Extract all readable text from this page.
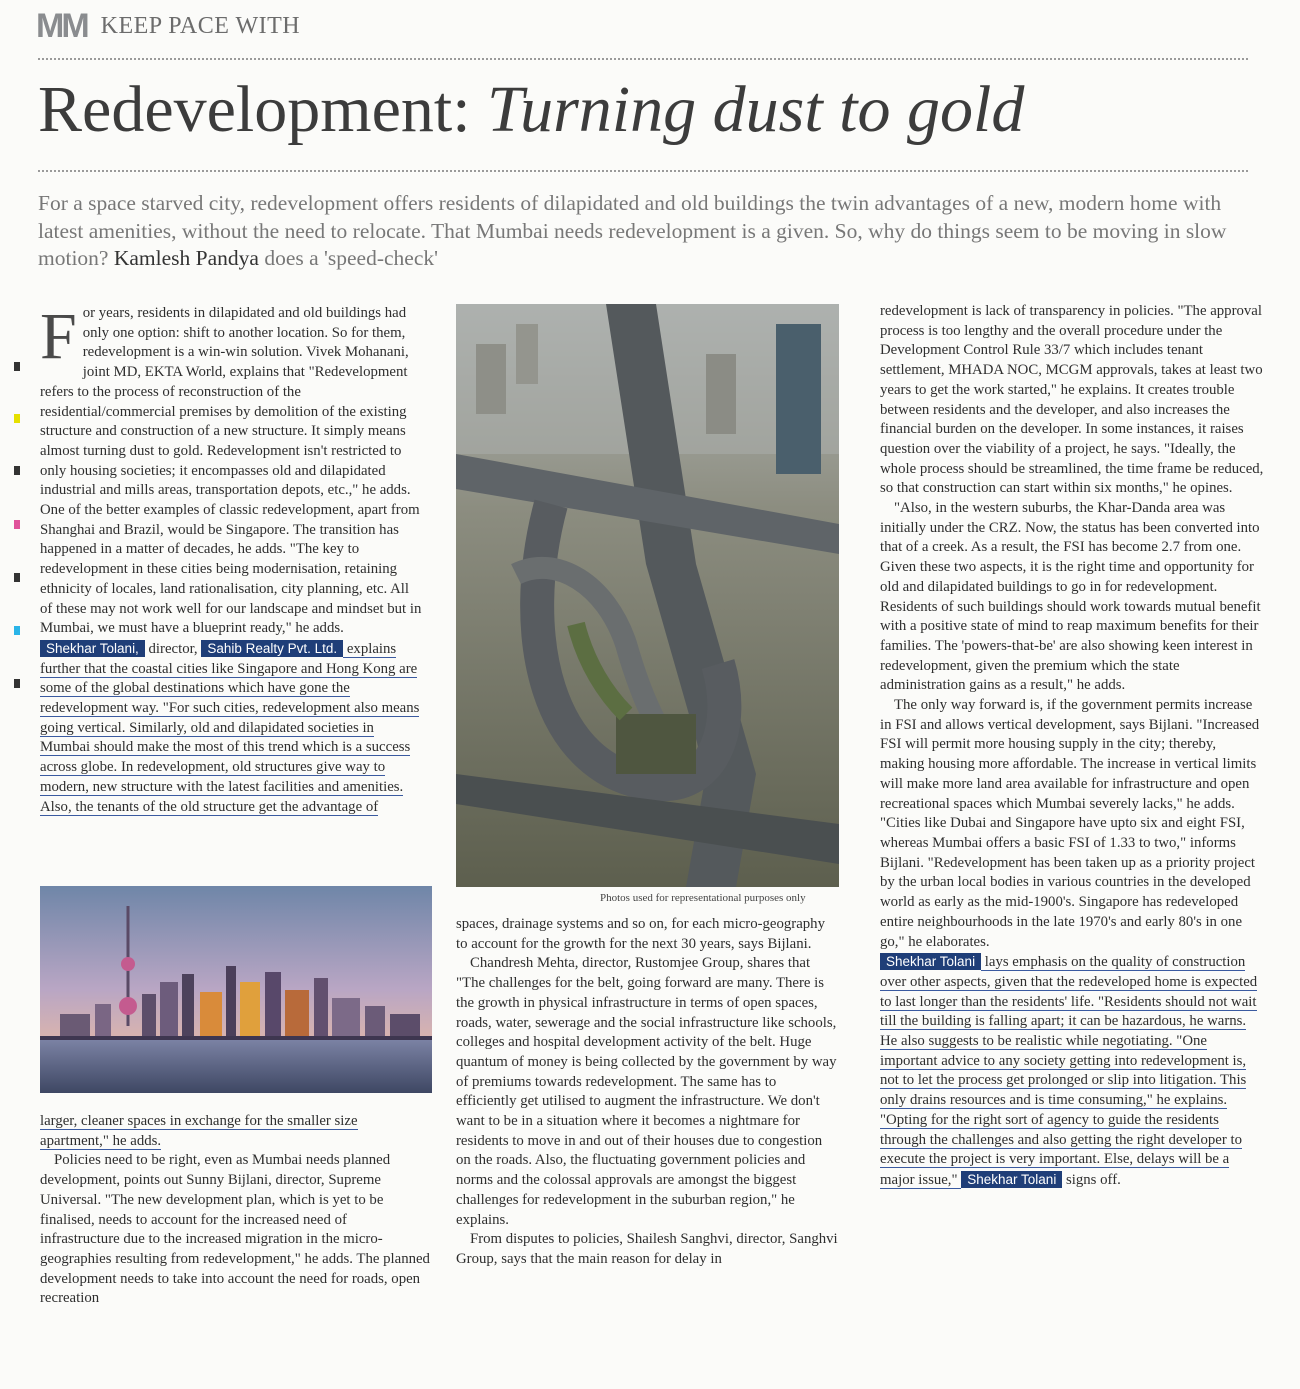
MM KEEP PACE WITH
Redevelopment: Turning dust to gold
For a space starved city, redevelopment offers residents of dilapidated and old buildings the twin advantages of a new, modern home with latest amenities, without the need to relocate. That Mumbai needs redevelopment is a given. So, why do things seem to be moving in slow motion? Kamlesh Pandya does a 'speed-check'

For years, residents in dilapidated and old buildings had only one option: shift to another location. So for them, redevelopment is a win-win solution. Vivek Mohanani, joint MD, EKTA World, explains that "Redevelopment refers to the process of reconstruction of the residential/commercial premises by demolition of the existing structure and construction of a new structure. It simply means almost turning dust to gold. Redevelopment isn't restricted to only housing societies; it encompasses old and dilapidated industrial and mills areas, transportation depots, etc.," he adds. One of the better examples of classic redevelopment, apart from Shanghai and Brazil, would be Singapore. The transition has happened in a matter of decades, he adds. "The key to redevelopment in these cities being modernisation, retaining ethnicity of locales, land rationalisation, city planning, etc. All of these may not work well for our landscape and mindset but in Mumbai, we must have a blueprint ready," he adds.

Shekhar Tolani, director, Sahib Realty Pvt. Ltd. explains further that the coastal cities like Singapore and Hong Kong are some of the global destinations which have gone the redevelopment way. "For such cities, redevelopment also means going vertical. Similarly, old and dilapidated societies in Mumbai should make the most of this trend which is a success across globe. In redevelopment, old structures give way to modern, new structure with the latest facilities and amenities. Also, the tenants of the old structure get the advantage of

larger, cleaner spaces in exchange for the smaller size apartment," he adds.

Policies need to be right, even as Mumbai needs planned development, points out Sunny Bijlani, director, Supreme Universal. "The new development plan, which is yet to be finalised, needs to account for the increased need of infrastructure due to the increased migration in the micro-geographies resulting from redevelopment," he adds. The planned development needs to take into account the need for roads, open recreation

Photos used for representational purposes only

spaces, drainage systems and so on, for each micro-geography to account for the growth for the next 30 years, says Bijlani.

Chandresh Mehta, director, Rustomjee Group, shares that "The challenges for the belt, going forward are many. There is the growth in physical infrastructure in terms of open spaces, roads, water, sewerage and the social infrastructure like schools, colleges and hospital development activity of the belt. Huge quantum of money is being collected by the government by way of premiums towards redevelopment. The same has to efficiently get utilised to augment the infrastructure. We don't want to be in a situation where it becomes a nightmare for residents to move in and out of their houses due to congestion on the roads. Also, the fluctuating government policies and norms and the colossal approvals are amongst the biggest challenges for redevelopment in the suburban region," he explains.

From disputes to policies, Shailesh Sanghvi, director, Sanghvi Group, says that the main reason for delay in

redevelopment is lack of transparency in policies. "The approval process is too lengthy and the overall procedure under the Development Control Rule 33/7 which includes tenant settlement, MHADA NOC, MCGM approvals, takes at least two years to get the work started," he explains. It creates trouble between residents and the developer, and also increases the financial burden on the developer. In some instances, it raises question over the viability of a project, he says. "Ideally, the whole process should be streamlined, the time frame be reduced, so that construction can start within six months," he opines.

"Also, in the western suburbs, the Khar-Danda area was initially under the CRZ. Now, the status has been converted into that of a creek. As a result, the FSI has become 2.7 from one. Given these two aspects, it is the right time and opportunity for old and dilapidated buildings to go in for redevelopment. Residents of such buildings should work towards mutual benefit with a positive state of mind to reap maximum benefits for their families. The 'powers-that-be' are also showing keen interest in redevelopment, given the premium which the state administration gains as a result," he adds.

The only way forward is, if the government permits increase in FSI and allows vertical development, says Bijlani. "Increased FSI will permit more housing supply in the city; thereby, making housing more affordable. The increase in vertical limits will make more land area available for infrastructure and open recreational spaces which Mumbai severely lacks," he adds. "Cities like Dubai and Singapore have upto six and eight FSI, whereas Mumbai offers a basic FSI of 1.33 to two," informs Bijlani. "Redevelopment has been taken up as a priority project by the urban local bodies in various countries in the developed world as early as the mid-1900's. Singapore has redeveloped entire neighbourhoods in the late 1970's and early 80's in one go," he elaborates.

Shekhar Tolani lays emphasis on the quality of construction over other aspects, given that the redeveloped home is expected to last longer than the residents' life. "Residents should not wait till the building is falling apart; it can be hazardous, he warns. He also suggests to be realistic while negotiating. "One important advice to any society getting into redevelopment is, not to let the process get prolonged or slip into litigation. This only drains resources and is time consuming," he explains. "Opting for the right sort of agency to guide the residents through the challenges and also getting the right developer to execute the project is very important. Else, delays will be a major issue," Shekhar Tolani signs off.
